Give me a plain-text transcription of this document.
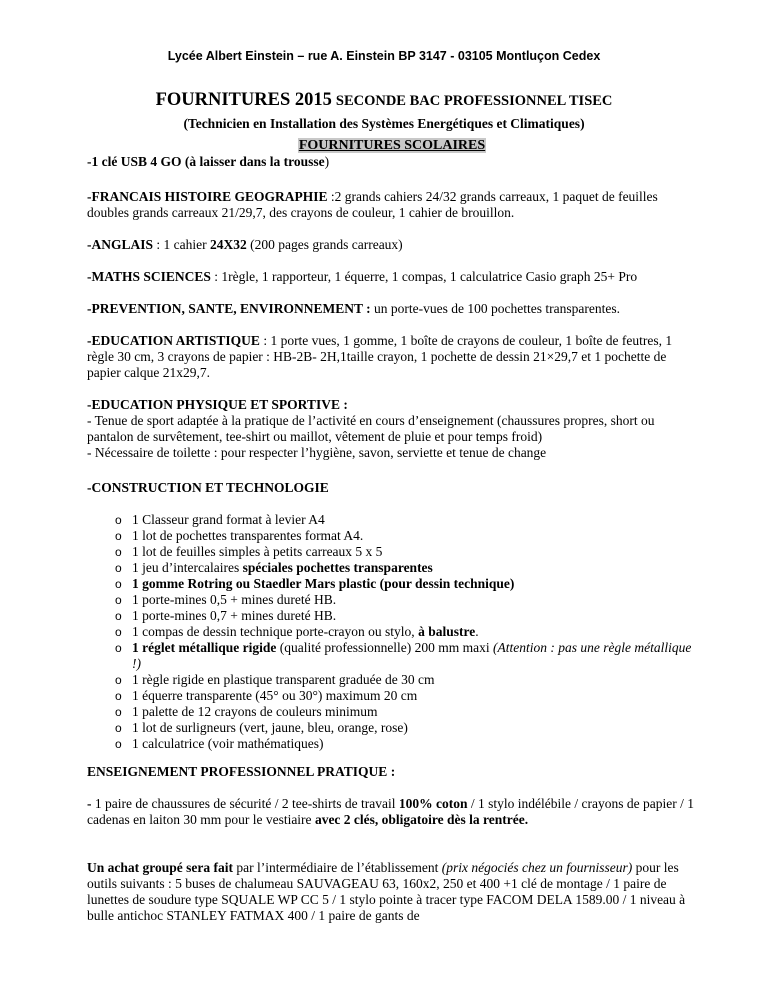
Lycée Albert Einstein – rue A. Einstein BP 3147 - 03105 Montluçon Cedex
FOURNITURES 2015 SECONDE BAC PROFESSIONNEL TISEC
(Technicien en Installation des Systèmes Energétiques et Climatiques)
FOURNITURES SCOLAIRES

-1 clé USB 4 GO (à laisser dans la trousse)

-FRANCAIS HISTOIRE GEOGRAPHIE :2 grands cahiers 24/32 grands carreaux, 1 paquet de feuilles doubles grands carreaux 21/29,7, des crayons de couleur, 1 cahier de brouillon.

-ANGLAIS : 1 cahier 24X32 (200 pages grands carreaux)

-MATHS SCIENCES : 1règle, 1 rapporteur, 1 équerre, 1 compas, 1 calculatrice Casio graph 25+ Pro

-PREVENTION, SANTE, ENVIRONNEMENT : un porte-vues de 100 pochettes transparentes.

-EDUCATION ARTISTIQUE : 1 porte vues, 1 gomme, 1 boîte de crayons de couleur, 1 boîte de feutres, 1 règle 30 cm, 3 crayons de papier : HB-2B- 2H,1taille crayon, 1 pochette de dessin 21×29,7 et 1 pochette de papier calque 21x29,7.

-EDUCATION PHYSIQUE ET SPORTIVE :

- Tenue de sport adaptée à la pratique de l’activité en cours d’enseignement (chaussures propres, short ou pantalon de survêtement, tee-shirt ou maillot, vêtement de pluie et pour temps froid)

- Nécessaire de toilette : pour respecter l’hygiène, savon, serviette et tenue de change

-CONSTRUCTION ET TECHNOLOGIE

o 1 Classeur grand format à levier A4
o 1 lot de pochettes transparentes format A4.
o 1 lot de feuilles simples à petits carreaux 5 x 5
o 1 jeu d’intercalaires spéciales pochettes transparentes
o 1 gomme Rotring ou Staedler Mars plastic (pour dessin technique)
o 1 porte-mines 0,5 + mines dureté HB.
o 1 porte-mines 0,7 + mines dureté HB.
o 1 compas de dessin technique porte-crayon ou stylo, à balustre.
o 1 réglet métallique rigide (qualité professionnelle) 200 mm maxi (Attention : pas une règle métallique !)
o 1 règle rigide en plastique transparent graduée de 30 cm
o 1 équerre transparente (45° ou 30°) maximum 20 cm
o 1 palette de 12 crayons de couleurs minimum
o 1 lot de surligneurs (vert, jaune, bleu, orange, rose)
o 1 calculatrice (voir mathématiques)

ENSEIGNEMENT PROFESSIONNEL PRATIQUE :

- 1 paire de chaussures de sécurité / 2 tee-shirts de travail 100% coton / 1 stylo indélébile / crayons de papier / 1 cadenas en laiton 30 mm pour le vestiaire avec 2 clés, obligatoire dès la rentrée.

Un achat groupé sera fait par l’intermédiaire de l’établissement (prix négociés chez un fournisseur) pour les outils suivants : 5 buses de chalumeau SAUVAGEAU 63, 160x2, 250 et 400 +1 clé de montage / 1 paire de lunettes de soudure type SQUALE WP CC 5 / 1 stylo pointe à tracer type FACOM DELA 1589.00 / 1 niveau à bulle antichoc STANLEY FATMAX 400 / 1 paire de gants de
